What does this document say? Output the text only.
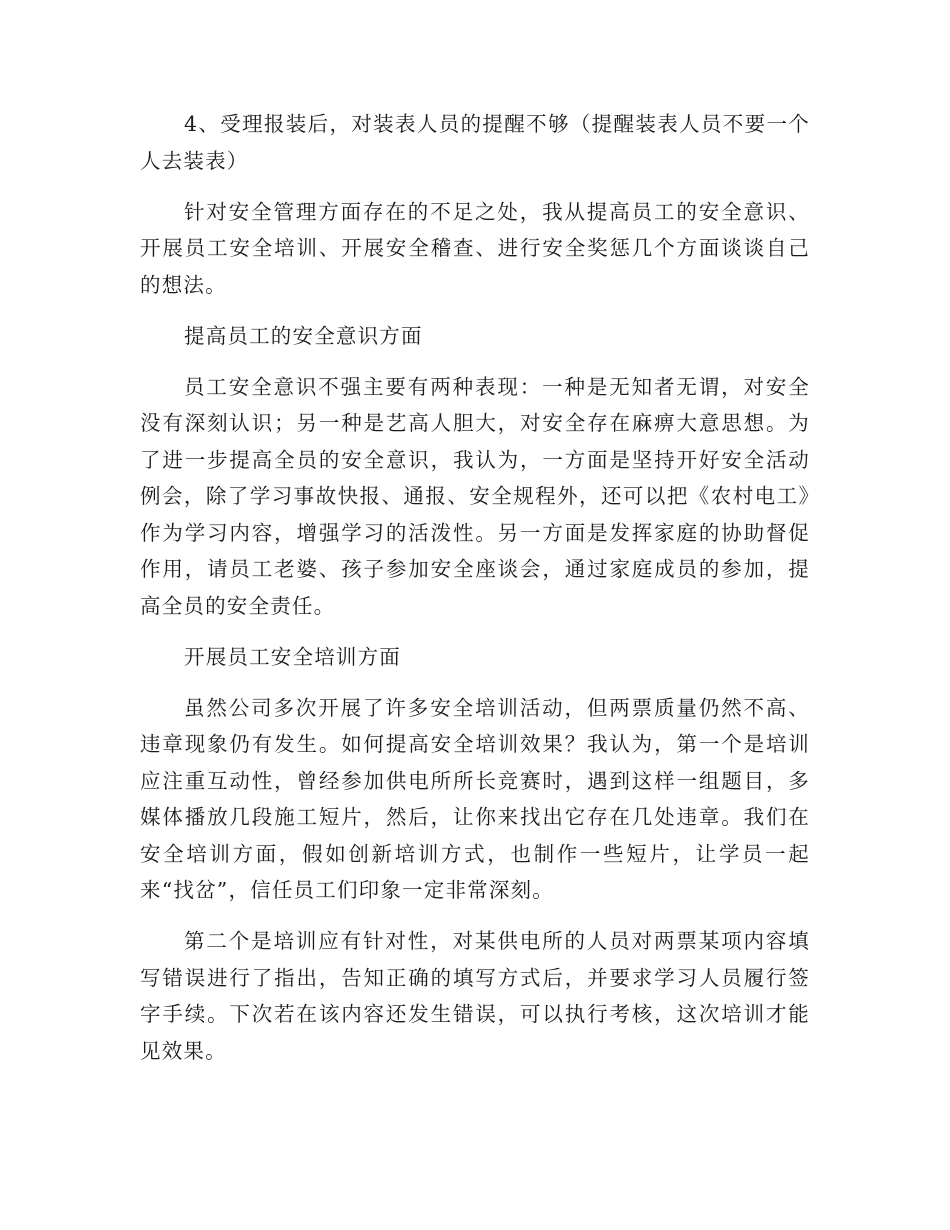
4、受理报装后，对装表人员的提醒不够（提醒装表人员不要一个人去装表）

针对安全管理方面存在的不足之处，我从提高员工的安全意识、开展员工安全培训、开展安全稽查、进行安全奖惩几个方面谈谈自己的想法。

提高员工的安全意识方面

员工安全意识不强主要有两种表现：一种是无知者无谓，对安全没有深刻认识；另一种是艺高人胆大，对安全存在麻痹大意思想。为了进一步提高全员的安全意识，我认为，一方面是坚持开好安全活动例会，除了学习事故快报、通报、安全规程外，还可以把《农村电工》作为学习内容，增强学习的活泼性。另一方面是发挥家庭的协助督促作用，请员工老婆、孩子参加安全座谈会，通过家庭成员的参加，提高全员的安全责任。

开展员工安全培训方面

虽然公司多次开展了许多安全培训活动，但两票质量仍然不高、违章现象仍有发生。如何提高安全培训效果？我认为，第一个是培训应注重互动性，曾经参加供电所所长竞赛时，遇到这样一组题目，多媒体播放几段施工短片，然后，让你来找出它存在几处违章。我们在安全培训方面，假如创新培训方式，也制作一些短片，让学员一起来“找岔”，信任员工们印象一定非常深刻。

第二个是培训应有针对性，对某供电所的人员对两票某项内容填写错误进行了指出，告知正确的填写方式后，并要求学习人员履行签字手续。下次若在该内容还发生错误，可以执行考核，这次培训才能见效果。
